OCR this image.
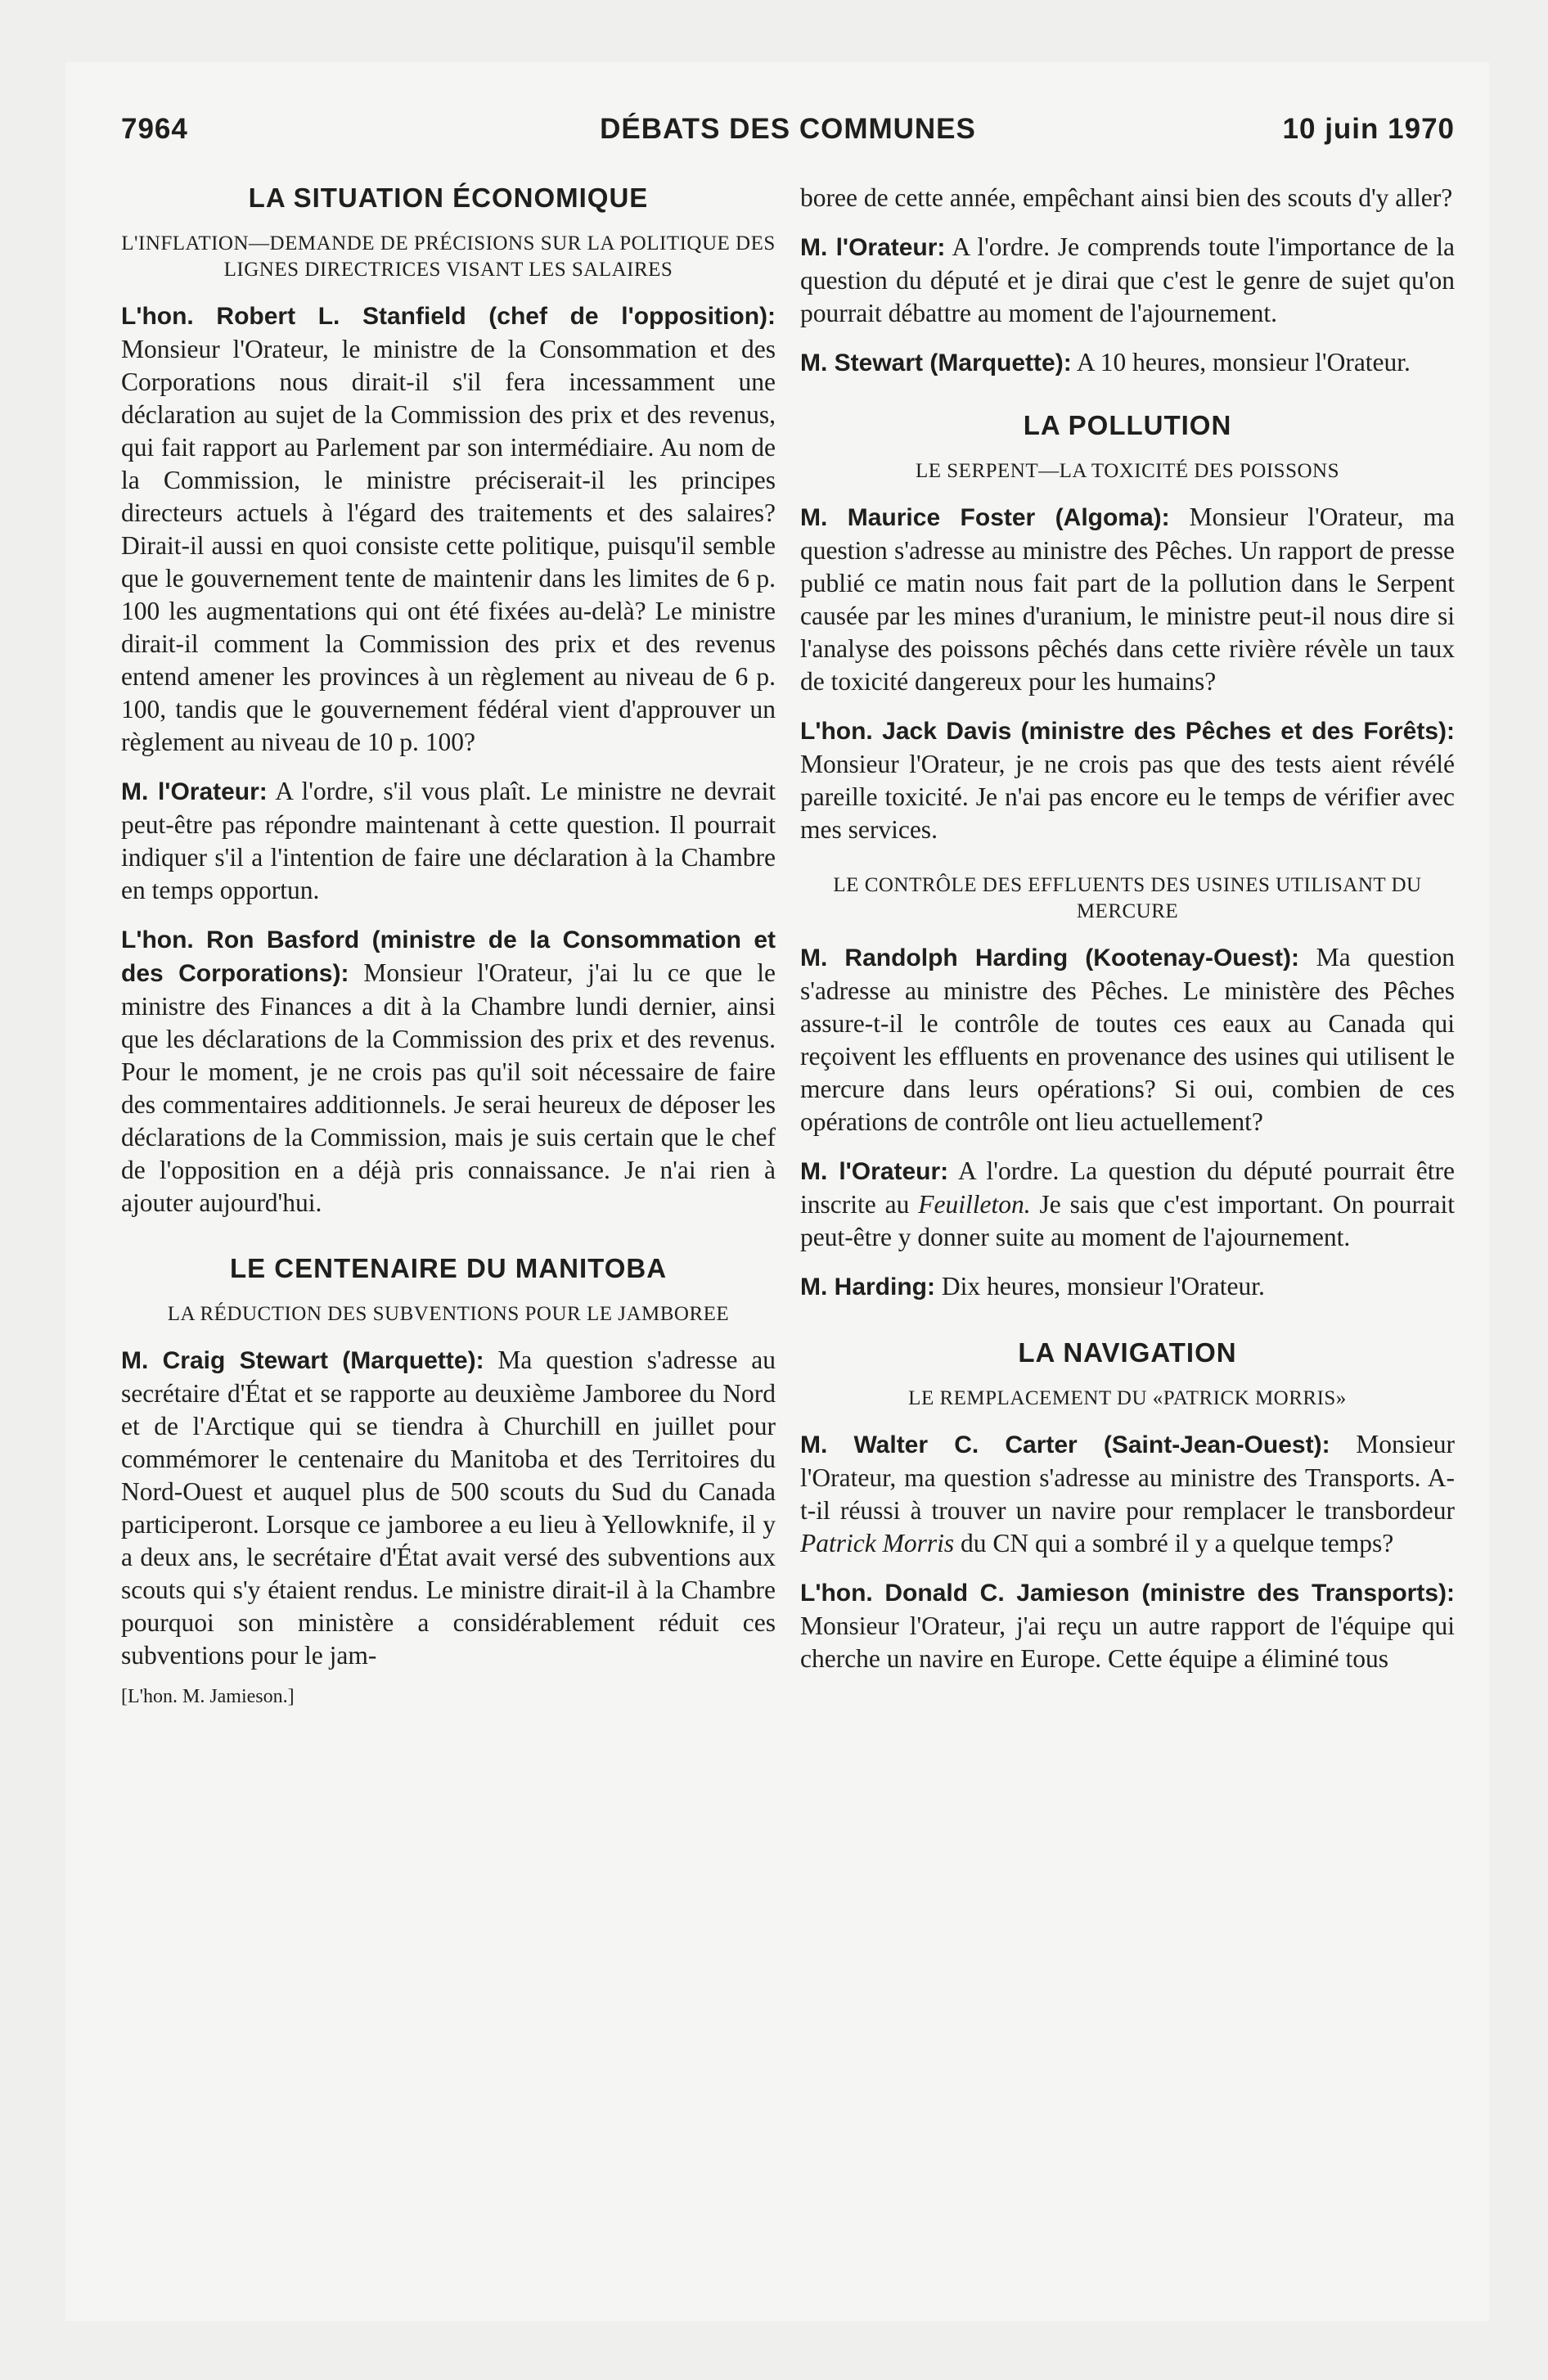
7964	DÉBATS DES COMMUNES	10 juin 1970
LA SITUATION ÉCONOMIQUE
L'INFLATION—DEMANDE DE PRÉCISIONS SUR LA POLITIQUE DES LIGNES DIRECTRICES VISANT LES SALAIRES

L'hon. Robert L. Stanfield (chef de l'opposition): Monsieur l'Orateur, le ministre de la Consommation et des Corporations nous dirait-il s'il fera incessamment une déclaration au sujet de la Commission des prix et des revenus, qui fait rapport au Parlement par son intermédiaire. Au nom de la Commission, le ministre préciserait-il les principes directeurs actuels à l'égard des traitements et des salaires? Dirait-il aussi en quoi consiste cette politique, puisqu'il semble que le gouvernement tente de maintenir dans les limites de 6 p. 100 les augmentations qui ont été fixées au-delà? Le ministre dirait-il comment la Commission des prix et des revenus entend amener les provinces à un règlement au niveau de 6 p. 100, tandis que le gouvernement fédéral vient d'approuver un règlement au niveau de 10 p. 100?

M. l'Orateur: A l'ordre, s'il vous plaît. Le ministre ne devrait peut-être pas répondre maintenant à cette question. Il pourrait indiquer s'il a l'intention de faire une déclaration à la Chambre en temps opportun.

L'hon. Ron Basford (ministre de la Consommation et des Corporations): Monsieur l'Orateur, j'ai lu ce que le ministre des Finances a dit à la Chambre lundi dernier, ainsi que les déclarations de la Commission des prix et des revenus. Pour le moment, je ne crois pas qu'il soit nécessaire de faire des commentaires additionnels. Je serai heureux de déposer les déclarations de la Commission, mais je suis certain que le chef de l'opposition en a déjà pris connaissance. Je n'ai rien à ajouter aujourd'hui.

LE CENTENAIRE DU MANITOBA
LA RÉDUCTION DES SUBVENTIONS POUR LE JAMBOREE

M. Craig Stewart (Marquette): Ma question s'adresse au secrétaire d'État et se rapporte au deuxième Jamboree du Nord et de l'Arctique qui se tiendra à Churchill en juillet pour commémorer le centenaire du Manitoba et des Territoires du Nord-Ouest et auquel plus de 500 scouts du Sud du Canada participeront. Lorsque ce jamboree a eu lieu à Yellowknife, il y a deux ans, le secrétaire d'État avait versé des subventions aux scouts qui s'y étaient rendus. Le ministre dirait-il à la Chambre pourquoi son ministère a considérablement réduit ces subventions pour le jam-

[L'hon. M. Jamieson.]

boree de cette année, empêchant ainsi bien des scouts d'y aller?

M. l'Orateur: A l'ordre. Je comprends toute l'importance de la question du député et je dirai que c'est le genre de sujet qu'on pourrait débattre au moment de l'ajournement.

M. Stewart (Marquette): A 10 heures, monsieur l'Orateur.

LA POLLUTION
LE SERPENT—LA TOXICITÉ DES POISSONS

M. Maurice Foster (Algoma): Monsieur l'Orateur, ma question s'adresse au ministre des Pêches. Un rapport de presse publié ce matin nous fait part de la pollution dans le Serpent causée par les mines d'uranium, le ministre peut-il nous dire si l'analyse des poissons pêchés dans cette rivière révèle un taux de toxicité dangereux pour les humains?

L'hon. Jack Davis (ministre des Pêches et des Forêts): Monsieur l'Orateur, je ne crois pas que des tests aient révélé pareille toxicité. Je n'ai pas encore eu le temps de vérifier avec mes services.

LE CONTRÔLE DES EFFLUENTS DES USINES UTILISANT DU MERCURE

M. Randolph Harding (Kootenay-Ouest): Ma question s'adresse au ministre des Pêches. Le ministère des Pêches assure-t-il le contrôle de toutes ces eaux au Canada qui reçoivent les effluents en provenance des usines qui utilisent le mercure dans leurs opérations? Si oui, combien de ces opérations de contrôle ont lieu actuellement?

M. l'Orateur: A l'ordre. La question du député pourrait être inscrite au Feuilleton. Je sais que c'est important. On pourrait peut-être y donner suite au moment de l'ajournement.

M. Harding: Dix heures, monsieur l'Orateur.

LA NAVIGATION
LE REMPLACEMENT DU «PATRICK MORRIS»

M. Walter C. Carter (Saint-Jean-Ouest): Monsieur l'Orateur, ma question s'adresse au ministre des Transports. A-t-il réussi à trouver un navire pour remplacer le transbordeur Patrick Morris du CN qui a sombré il y a quelque temps?

L'hon. Donald C. Jamieson (ministre des Transports): Monsieur l'Orateur, j'ai reçu un autre rapport de l'équipe qui cherche un navire en Europe. Cette équipe a éliminé tous
